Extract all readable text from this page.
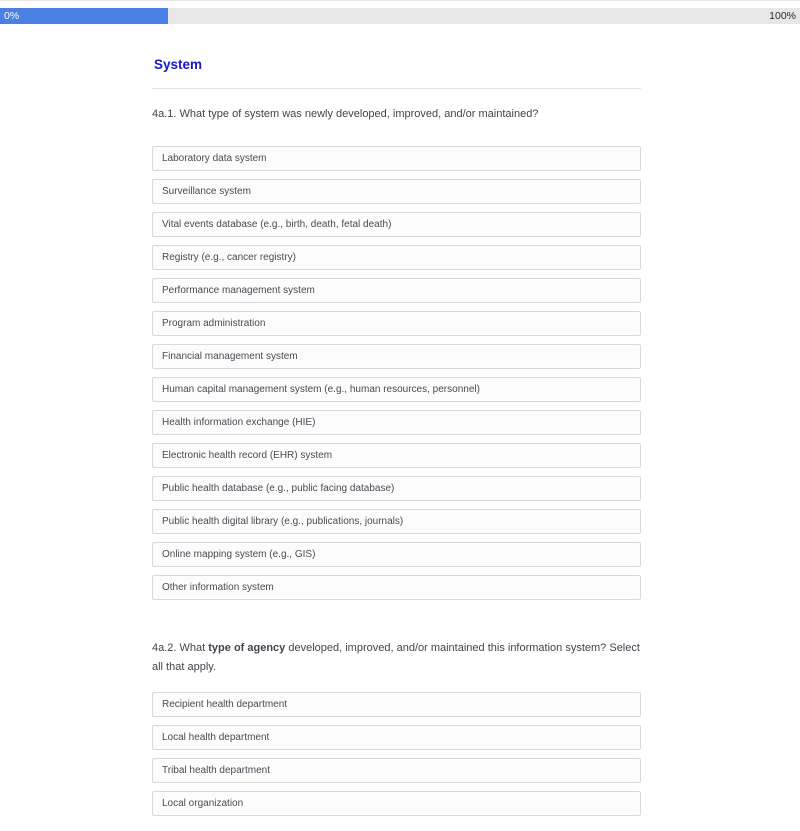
0%	100%
System
4a.1. What type of system was newly developed, improved, and/or maintained?
Laboratory data system
Surveillance system
Vital events database (e.g., birth, death, fetal death)
Registry (e.g., cancer registry)
Performance management system
Program administration
Financial management system
Human capital management system (e.g., human resources, personnel)
Health information exchange (HIE)
Electronic health record (EHR) system
Public health database (e.g., public facing database)
Public health digital library (e.g., publications, journals)
Online mapping system (e.g., GIS)
Other information system
4a.2. What type of agency developed, improved, and/or maintained this information system? Select all that apply.
Recipient health department
Local health department
Tribal health department
Local organization
